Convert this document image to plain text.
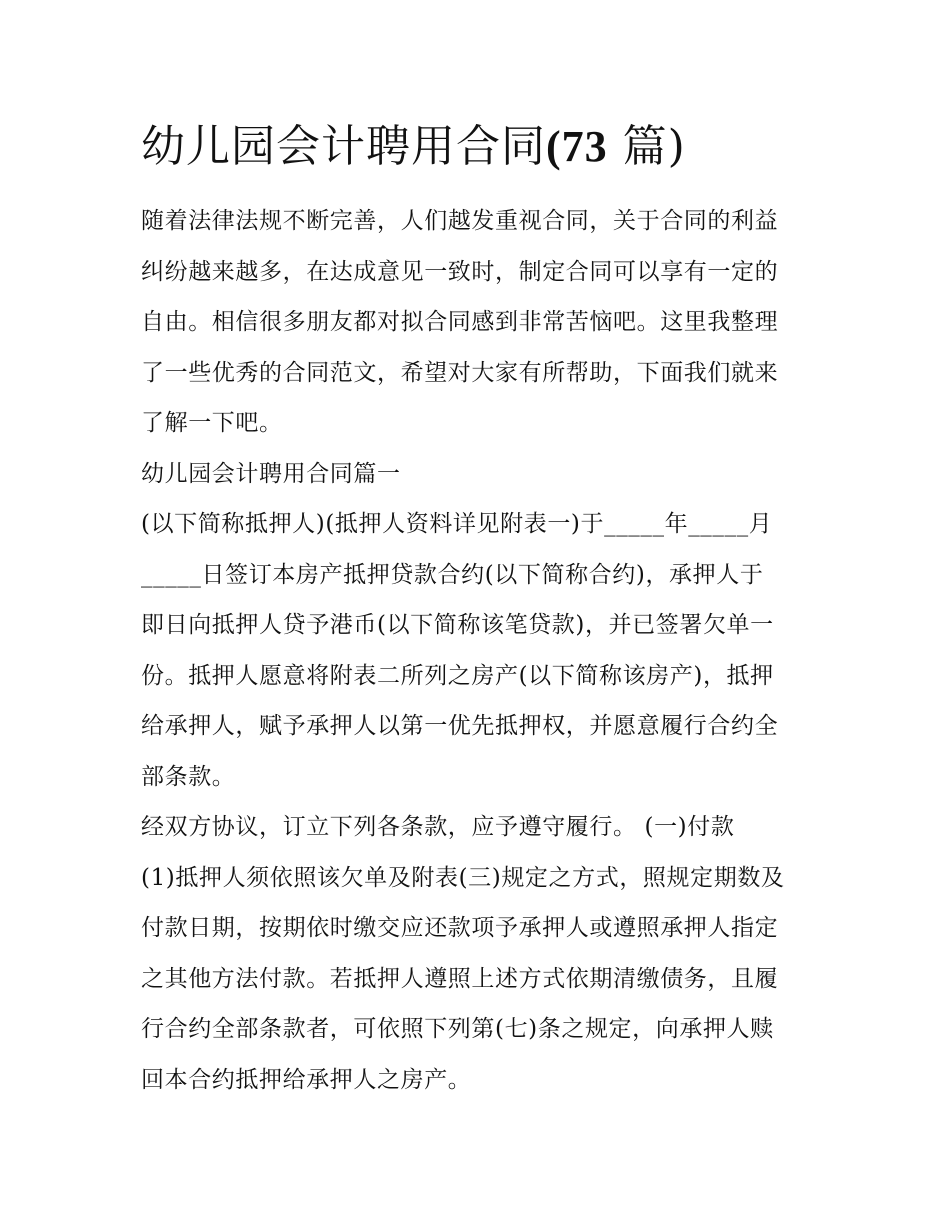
幼儿园会计聘用合同(73 篇)
随着法律法规不断完善，人们越发重视合同，关于合同的利益
纠纷越来越多，在达成意见一致时，制定合同可以享有一定的
自由。相信很多朋友都对拟合同感到非常苦恼吧。这里我整理
了一些优秀的合同范文，希望对大家有所帮助，下面我们就来
了解一下吧。
幼儿园会计聘用合同篇一
(以下简称抵押人)(抵押人资料详见附表一)于_____年_____月
_____日签订本房产抵押贷款合约(以下简称合约)，承押人于
即日向抵押人贷予港币(以下简称该笔贷款)，并已签署欠单一
份。抵押人愿意将附表二所列之房产(以下简称该房产)，抵押
给承押人，赋予承押人以第一优先抵押权，并愿意履行合约全
部条款。
经双方协议，订立下列各条款，应予遵守履行。 (一)付款
(1)抵押人须依照该欠单及附表(三)规定之方式，照规定期数及
付款日期，按期依时缴交应还款项予承押人或遵照承押人指定
之其他方法付款。若抵押人遵照上述方式依期清缴债务，且履
行合约全部条款者，可依照下列第(七)条之规定，向承押人赎
回本合约抵押给承押人之房产。
